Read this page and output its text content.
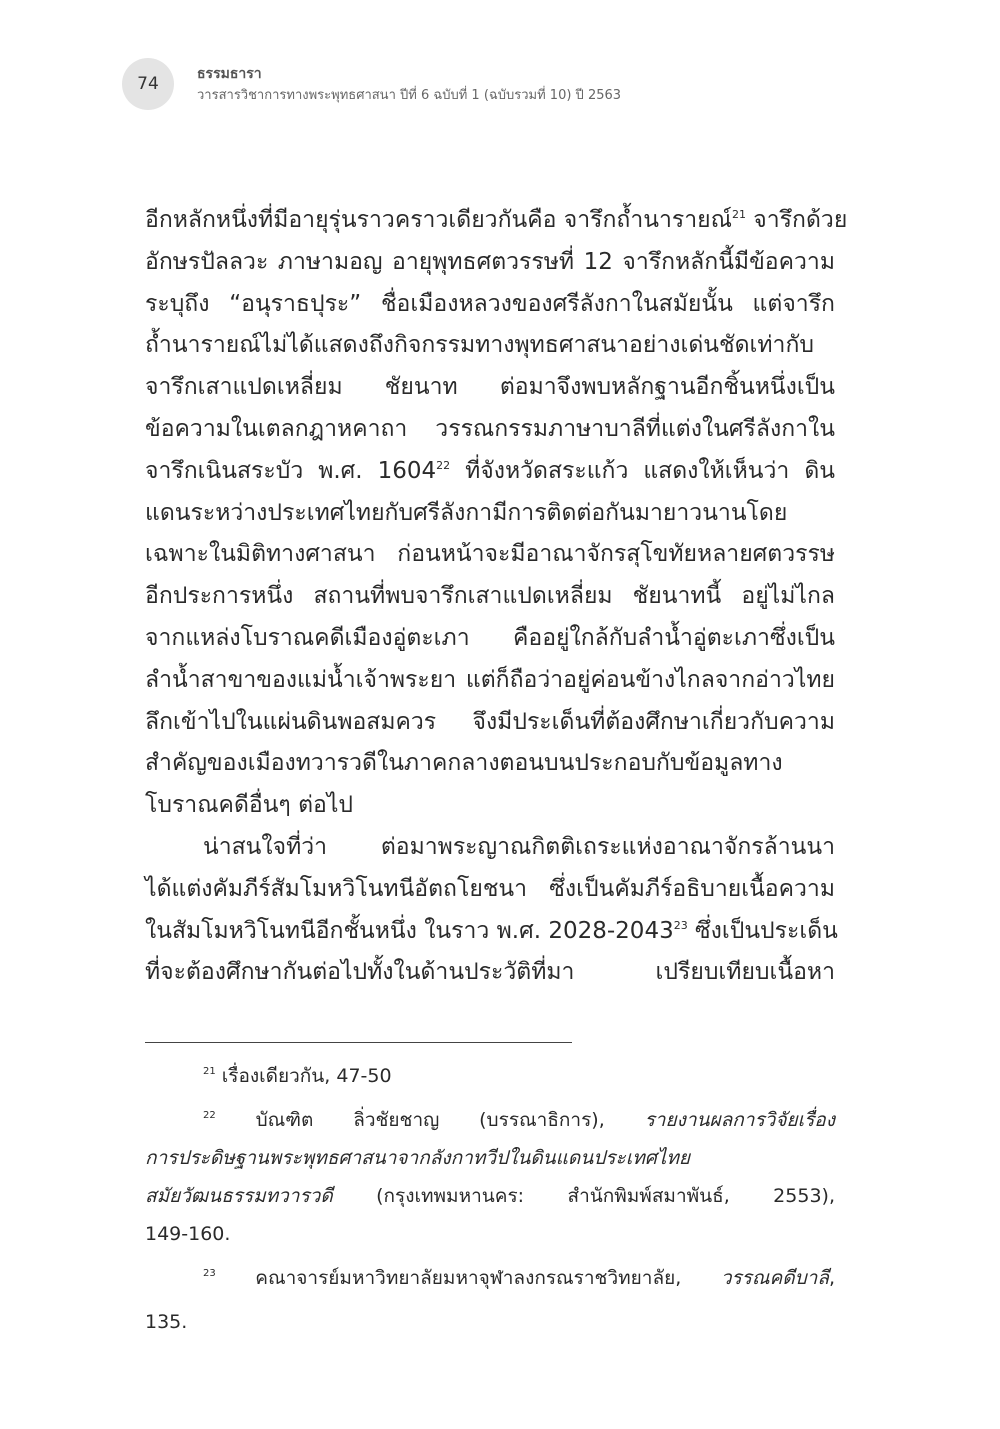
74	ธรรมธารา
วารสารวิชาการทางพระพุทธศาสนา ปีที่ 6 ฉบับที่ 1 (ฉบับรวมที่ 10) ปี 2563
อีกหลักหนึ่งที่มีอายุรุ่นราวคราวเดียวกันคือ จารึกถ้ำนารายณ์$^{21}$ จารึกด้วย
อักษรปัลลวะ ภาษามอญ อายุพุทธศตวรรษที่ 12 จารึกหลักนี้มีข้อความ
ระบุถึง “อนุราธปุระ” ชื่อเมืองหลวงของศรีลังกาในสมัยนั้น แต่จารึก
ถ้ำนารายณ์ไม่ได้แสดงถึงกิจกรรมทางพุทธศาสนาอย่างเด่นชัดเท่ากับ
จารึกเสาแปดเหลี่ยม ชัยนาท ต่อมาจึงพบหลักฐานอีกชิ้นหนึ่งเป็น
ข้อความในเตลกฎาหคาถา วรรณกรรมภาษาบาลีที่แต่งในศรีลังกาใน
จารึกเนินสระบัว พ.ศ. 1604$^{22}$ ที่จังหวัดสระแก้ว แสดงให้เห็นว่า ดิน
แดนระหว่างประเทศไทยกับศรีลังกามีการติดต่อกันมายาวนานโดย
เฉพาะในมิติทางศาสนา ก่อนหน้าจะมีอาณาจักรสุโขทัยหลายศตวรรษ
อีกประการหนึ่ง สถานที่พบจารึกเสาแปดเหลี่ยม ชัยนาทนี้ อยู่ไม่ไกล
จากแหล่งโบราณคดีเมืองอู่ตะเภา คืออยู่ใกล้กับลำน้ำอู่ตะเภาซึ่งเป็น
ลำน้ำสาขาของแม่น้ำเจ้าพระยา แต่ก็ถือว่าอยู่ค่อนข้างไกลจากอ่าวไทย
ลึกเข้าไปในแผ่นดินพอสมควร จึงมีประเด็นที่ต้องศึกษาเกี่ยวกับความ
สำคัญของเมืองทวารวดีในภาคกลางตอนบนประกอบกับข้อมูลทาง
โบราณคดีอื่นๆ ต่อไป
น่าสนใจที่ว่า ต่อมาพระญาณกิตติเถระแห่งอาณาจักรล้านนา
ได้แต่งคัมภีร์สัมโมหวิโนทนีอัตถโยชนา ซึ่งเป็นคัมภีร์อธิบายเนื้อความ
ในสัมโมหวิโนทนีอีกชั้นหนึ่ง ในราว พ.ศ. 2028-2043$^{23}$ ซึ่งเป็นประเด็น
ที่จะต้องศึกษากันต่อไปทั้งในด้านประวัติที่มา เปรียบเทียบเนื้อหา
$^{21}$ เรื่องเดียวกัน, 47-50
$^{22}$ บัณฑิต ลิ่วชัยชาญ (บรรณาธิการ), รายงานผลการวิจัยเรื่อง
การประดิษฐานพระพุทธศาสนาจากลังกาทวีปในดินแดนประเทศไทย
สมัยวัฒนธรรมทวารวดี (กรุงเทพมหานคร: สำนักพิมพ์สมาพันธ์, 2553),
149-160.
$^{23}$ คณาจารย์มหาวิทยาลัยมหาจุฬาลงกรณราชวิทยาลัย, วรรณคดีบาลี,
135.
